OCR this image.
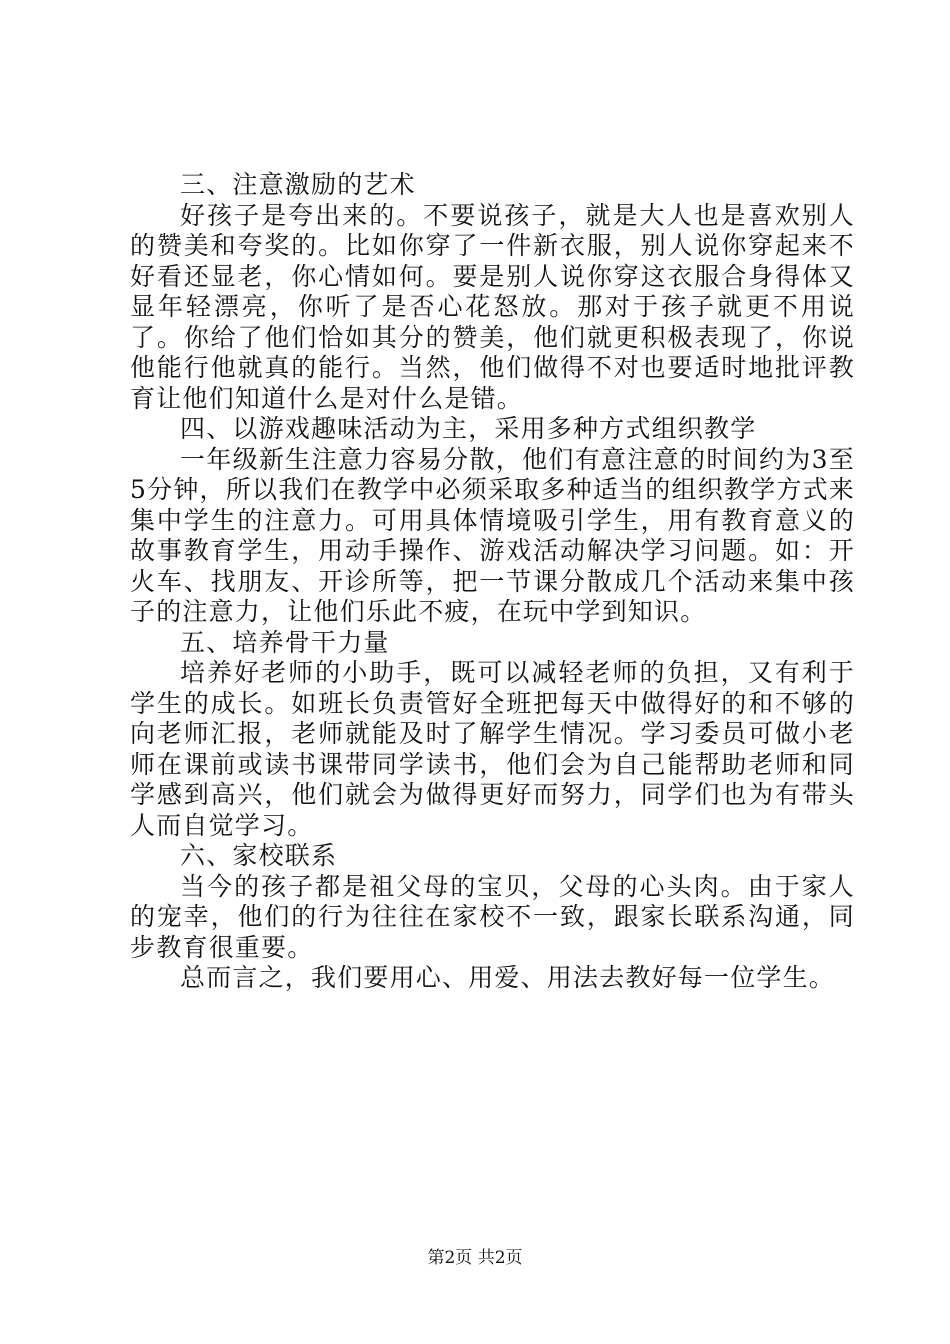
三、注意激励的艺术

好孩子是夸出来的。不要说孩子，就是大人也是喜欢别人的赞美和夸奖的。比如你穿了一件新衣服，别人说你穿起来不好看还显老，你心情如何。要是别人说你穿这衣服合身得体又显年轻漂亮，你听了是否心花怒放。那对于孩子就更不用说了。你给了他们恰如其分的赞美，他们就更积极表现了，你说他能行他就真的能行。当然，他们做得不对也要适时地批评教育让他们知道什么是对什么是错。

四、以游戏趣味活动为主，采用多种方式组织教学

一年级新生注意力容易分散，他们有意注意的时间约为3至5分钟，所以我们在教学中必须采取多种适当的组织教学方式来集中学生的注意力。可用具体情境吸引学生，用有教育意义的故事教育学生，用动手操作、游戏活动解决学习问题。如：开火车、找朋友、开诊所等，把一节课分散成几个活动来集中孩子的注意力，让他们乐此不疲，在玩中学到知识。

五、培养骨干力量

培养好老师的小助手，既可以减轻老师的负担，又有利于学生的成长。如班长负责管好全班把每天中做得好的和不够的向老师汇报，老师就能及时了解学生情况。学习委员可做小老师在课前或读书课带同学读书，他们会为自己能帮助老师和同学感到高兴，他们就会为做得更好而努力，同学们也为有带头人而自觉学习。

六、家校联系

当今的孩子都是祖父母的宝贝，父母的心头肉。由于家人的宠幸，他们的行为往往在家校不一致，跟家长联系沟通，同步教育很重要。

总而言之，我们要用心、用爱、用法去教好每一位学生。

第2页 共2页
